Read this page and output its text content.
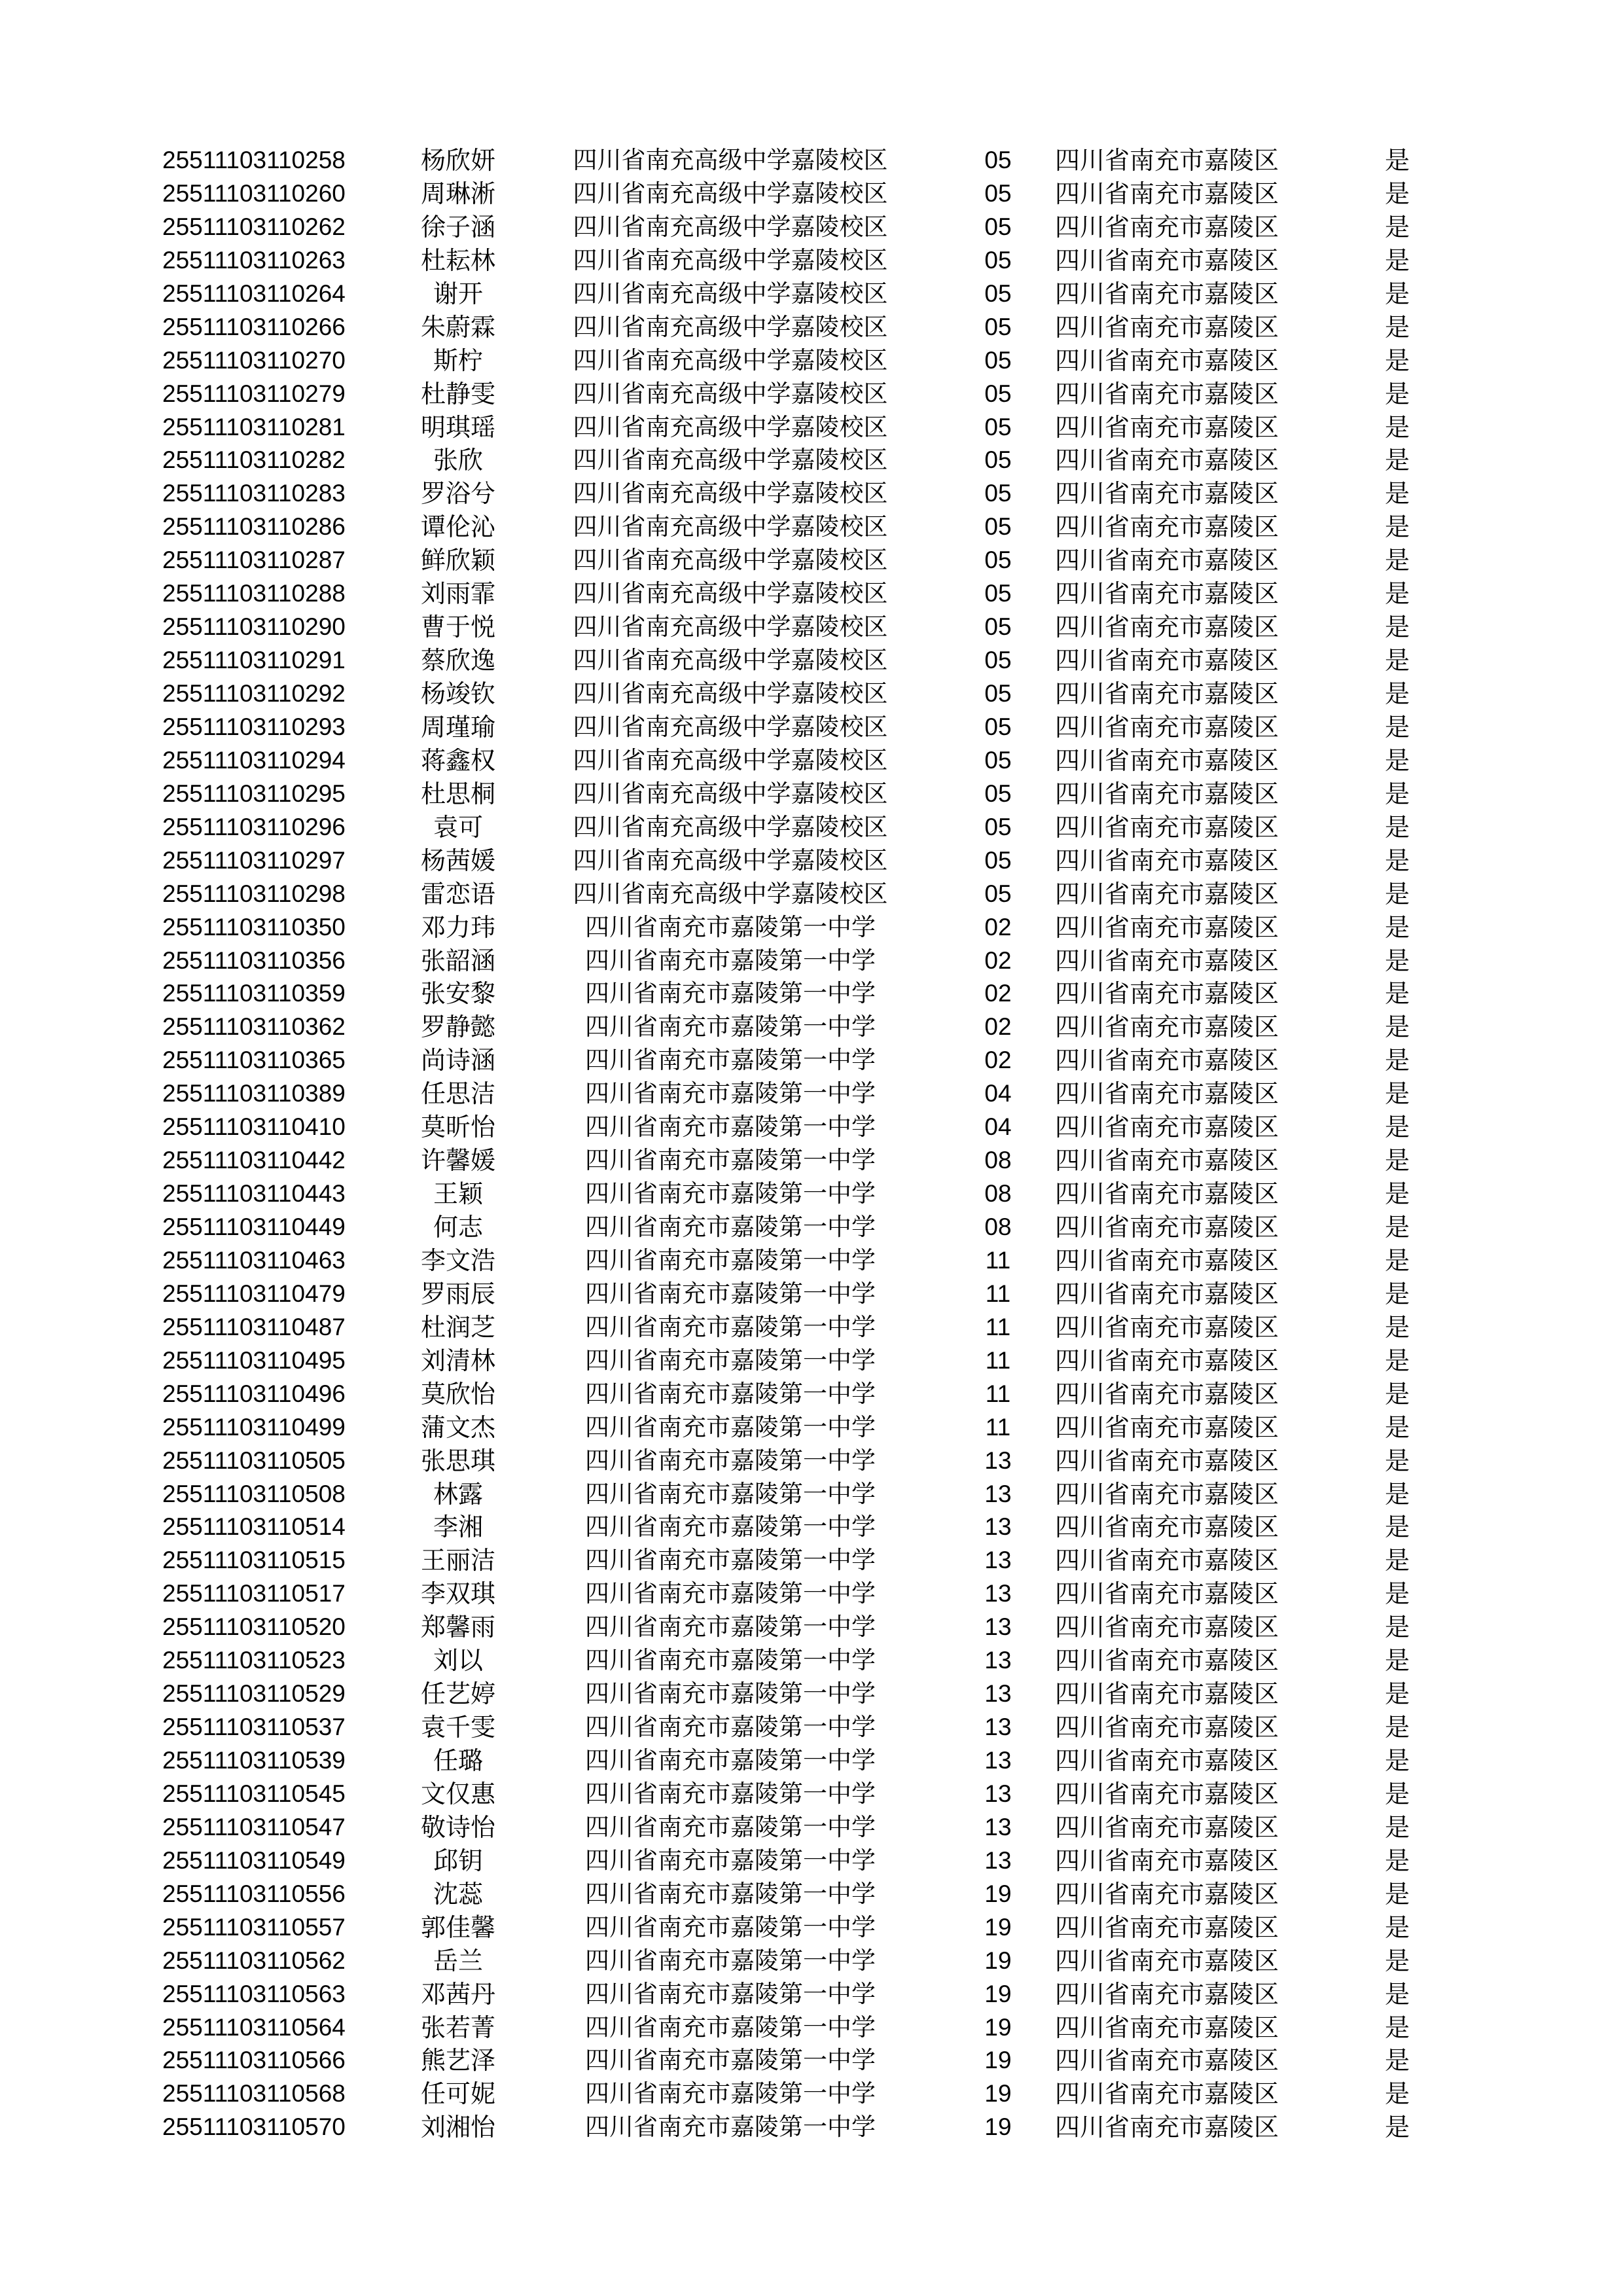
25511103110258	杨欣妍	四川省南充高级中学嘉陵校区	05	四川省南充市嘉陵区	是
25511103110260	周琳淅	四川省南充高级中学嘉陵校区	05	四川省南充市嘉陵区	是
25511103110262	徐子涵	四川省南充高级中学嘉陵校区	05	四川省南充市嘉陵区	是
25511103110263	杜耘林	四川省南充高级中学嘉陵校区	05	四川省南充市嘉陵区	是
25511103110264	谢开	四川省南充高级中学嘉陵校区	05	四川省南充市嘉陵区	是
25511103110266	朱蔚霖	四川省南充高级中学嘉陵校区	05	四川省南充市嘉陵区	是
25511103110270	斯柠	四川省南充高级中学嘉陵校区	05	四川省南充市嘉陵区	是
25511103110279	杜静雯	四川省南充高级中学嘉陵校区	05	四川省南充市嘉陵区	是
25511103110281	明琪瑶	四川省南充高级中学嘉陵校区	05	四川省南充市嘉陵区	是
25511103110282	张欣	四川省南充高级中学嘉陵校区	05	四川省南充市嘉陵区	是
25511103110283	罗浴兮	四川省南充高级中学嘉陵校区	05	四川省南充市嘉陵区	是
25511103110286	谭伦沁	四川省南充高级中学嘉陵校区	05	四川省南充市嘉陵区	是
25511103110287	鲜欣颖	四川省南充高级中学嘉陵校区	05	四川省南充市嘉陵区	是
25511103110288	刘雨霏	四川省南充高级中学嘉陵校区	05	四川省南充市嘉陵区	是
25511103110290	曹于悦	四川省南充高级中学嘉陵校区	05	四川省南充市嘉陵区	是
25511103110291	蔡欣逸	四川省南充高级中学嘉陵校区	05	四川省南充市嘉陵区	是
25511103110292	杨竣钦	四川省南充高级中学嘉陵校区	05	四川省南充市嘉陵区	是
25511103110293	周瑾瑜	四川省南充高级中学嘉陵校区	05	四川省南充市嘉陵区	是
25511103110294	蒋鑫权	四川省南充高级中学嘉陵校区	05	四川省南充市嘉陵区	是
25511103110295	杜思桐	四川省南充高级中学嘉陵校区	05	四川省南充市嘉陵区	是
25511103110296	袁可	四川省南充高级中学嘉陵校区	05	四川省南充市嘉陵区	是
25511103110297	杨茜媛	四川省南充高级中学嘉陵校区	05	四川省南充市嘉陵区	是
25511103110298	雷恋语	四川省南充高级中学嘉陵校区	05	四川省南充市嘉陵区	是
25511103110350	邓力玮	四川省南充市嘉陵第一中学	02	四川省南充市嘉陵区	是
25511103110356	张韶涵	四川省南充市嘉陵第一中学	02	四川省南充市嘉陵区	是
25511103110359	张安黎	四川省南充市嘉陵第一中学	02	四川省南充市嘉陵区	是
25511103110362	罗静懿	四川省南充市嘉陵第一中学	02	四川省南充市嘉陵区	是
25511103110365	尚诗涵	四川省南充市嘉陵第一中学	02	四川省南充市嘉陵区	是
25511103110389	任思洁	四川省南充市嘉陵第一中学	04	四川省南充市嘉陵区	是
25511103110410	莫昕怡	四川省南充市嘉陵第一中学	04	四川省南充市嘉陵区	是
25511103110442	许馨媛	四川省南充市嘉陵第一中学	08	四川省南充市嘉陵区	是
25511103110443	王颖	四川省南充市嘉陵第一中学	08	四川省南充市嘉陵区	是
25511103110449	何志	四川省南充市嘉陵第一中学	08	四川省南充市嘉陵区	是
25511103110463	李文浩	四川省南充市嘉陵第一中学	11	四川省南充市嘉陵区	是
25511103110479	罗雨辰	四川省南充市嘉陵第一中学	11	四川省南充市嘉陵区	是
25511103110487	杜润芝	四川省南充市嘉陵第一中学	11	四川省南充市嘉陵区	是
25511103110495	刘清林	四川省南充市嘉陵第一中学	11	四川省南充市嘉陵区	是
25511103110496	莫欣怡	四川省南充市嘉陵第一中学	11	四川省南充市嘉陵区	是
25511103110499	蒲文杰	四川省南充市嘉陵第一中学	11	四川省南充市嘉陵区	是
25511103110505	张思琪	四川省南充市嘉陵第一中学	13	四川省南充市嘉陵区	是
25511103110508	林露	四川省南充市嘉陵第一中学	13	四川省南充市嘉陵区	是
25511103110514	李湘	四川省南充市嘉陵第一中学	13	四川省南充市嘉陵区	是
25511103110515	王丽洁	四川省南充市嘉陵第一中学	13	四川省南充市嘉陵区	是
25511103110517	李双琪	四川省南充市嘉陵第一中学	13	四川省南充市嘉陵区	是
25511103110520	郑馨雨	四川省南充市嘉陵第一中学	13	四川省南充市嘉陵区	是
25511103110523	刘以	四川省南充市嘉陵第一中学	13	四川省南充市嘉陵区	是
25511103110529	任艺婷	四川省南充市嘉陵第一中学	13	四川省南充市嘉陵区	是
25511103110537	袁千雯	四川省南充市嘉陵第一中学	13	四川省南充市嘉陵区	是
25511103110539	任璐	四川省南充市嘉陵第一中学	13	四川省南充市嘉陵区	是
25511103110545	文仅惠	四川省南充市嘉陵第一中学	13	四川省南充市嘉陵区	是
25511103110547	敬诗怡	四川省南充市嘉陵第一中学	13	四川省南充市嘉陵区	是
25511103110549	邱钥	四川省南充市嘉陵第一中学	13	四川省南充市嘉陵区	是
25511103110556	沈蕊	四川省南充市嘉陵第一中学	19	四川省南充市嘉陵区	是
25511103110557	郭佳馨	四川省南充市嘉陵第一中学	19	四川省南充市嘉陵区	是
25511103110562	岳兰	四川省南充市嘉陵第一中学	19	四川省南充市嘉陵区	是
25511103110563	邓茜丹	四川省南充市嘉陵第一中学	19	四川省南充市嘉陵区	是
25511103110564	张若菁	四川省南充市嘉陵第一中学	19	四川省南充市嘉陵区	是
25511103110566	熊艺泽	四川省南充市嘉陵第一中学	19	四川省南充市嘉陵区	是
25511103110568	任可妮	四川省南充市嘉陵第一中学	19	四川省南充市嘉陵区	是
25511103110570	刘湘怡	四川省南充市嘉陵第一中学	19	四川省南充市嘉陵区	是
